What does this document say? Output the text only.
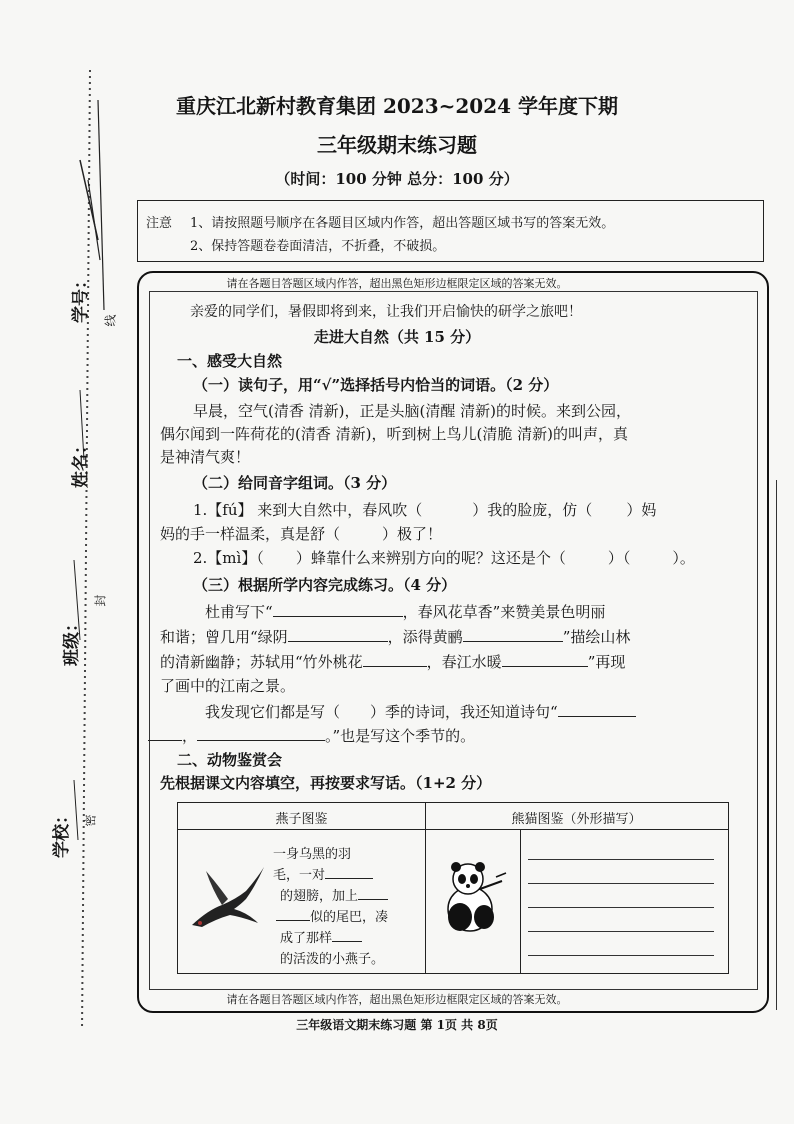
学号： 线
姓名：
封
班级：
密
学校：
重庆江北新村教育集团 2023~2024 学年度下期
三年级期末练习题
（时间：100 分钟 总分：100 分）
注意 1、请按照题号顺序在各题目区域内作答，超出答题区域书写的答案无效。
2、保持答题卷卷面清洁，不折叠，不破损。
请在各题目答题区域内作答，超出黑色矩形边框限定区域的答案无效。
亲爱的同学们，暑假即将到来，让我们开启愉快的研学之旅吧！
走进大自然（共 15 分）
一、感受大自然
（一）读句子，用“√”选择括号内恰当的词语。（2 分）
早晨，空气(清香 清新)，正是头脑(清醒 清新)的时候。来到公园，
偶尔闻到一阵荷花的(清香 清新)，听到树上鸟儿(清脆 清新)的叫声，真
是神清气爽！
（二）给同音字组词。（3 分）
1.【fú】 来到大自然中，春风吹（	）我的脸庞，仿（ ）妈
妈的手一样温柔，真是舒（	）极了！
2.【mì】（ ）蜂靠什么来辨别方向的呢？这还是个（	）（	）。
（三）根据所学内容完成练习。（4 分）
杜甫写下“	，春风花草香”来赞美景色明丽
和谐；曾几用“绿阴	，添得黄鹂	”描绘山林
的清新幽静；苏轼用“竹外桃花	，春江水暖	”再现
了画中的江南之景。
我发现它们都是写（ ）季的诗词，我还知道诗句“
，	。”也是写这个季节的。
二、动物鉴赏会
先根据课文内容填空，再按要求写话。（1+2 分）
燕子图鉴	熊猫图鉴（外形描写）
一身乌黑的羽
毛，一对
的翅膀，加上
似的尾巴，凑
成了那样
的活泼的小燕子。
请在各题目答题区域内作答，超出黑色矩形边框限定区域的答案无效。
三年级语文期末练习题 第 1页 共 8页
